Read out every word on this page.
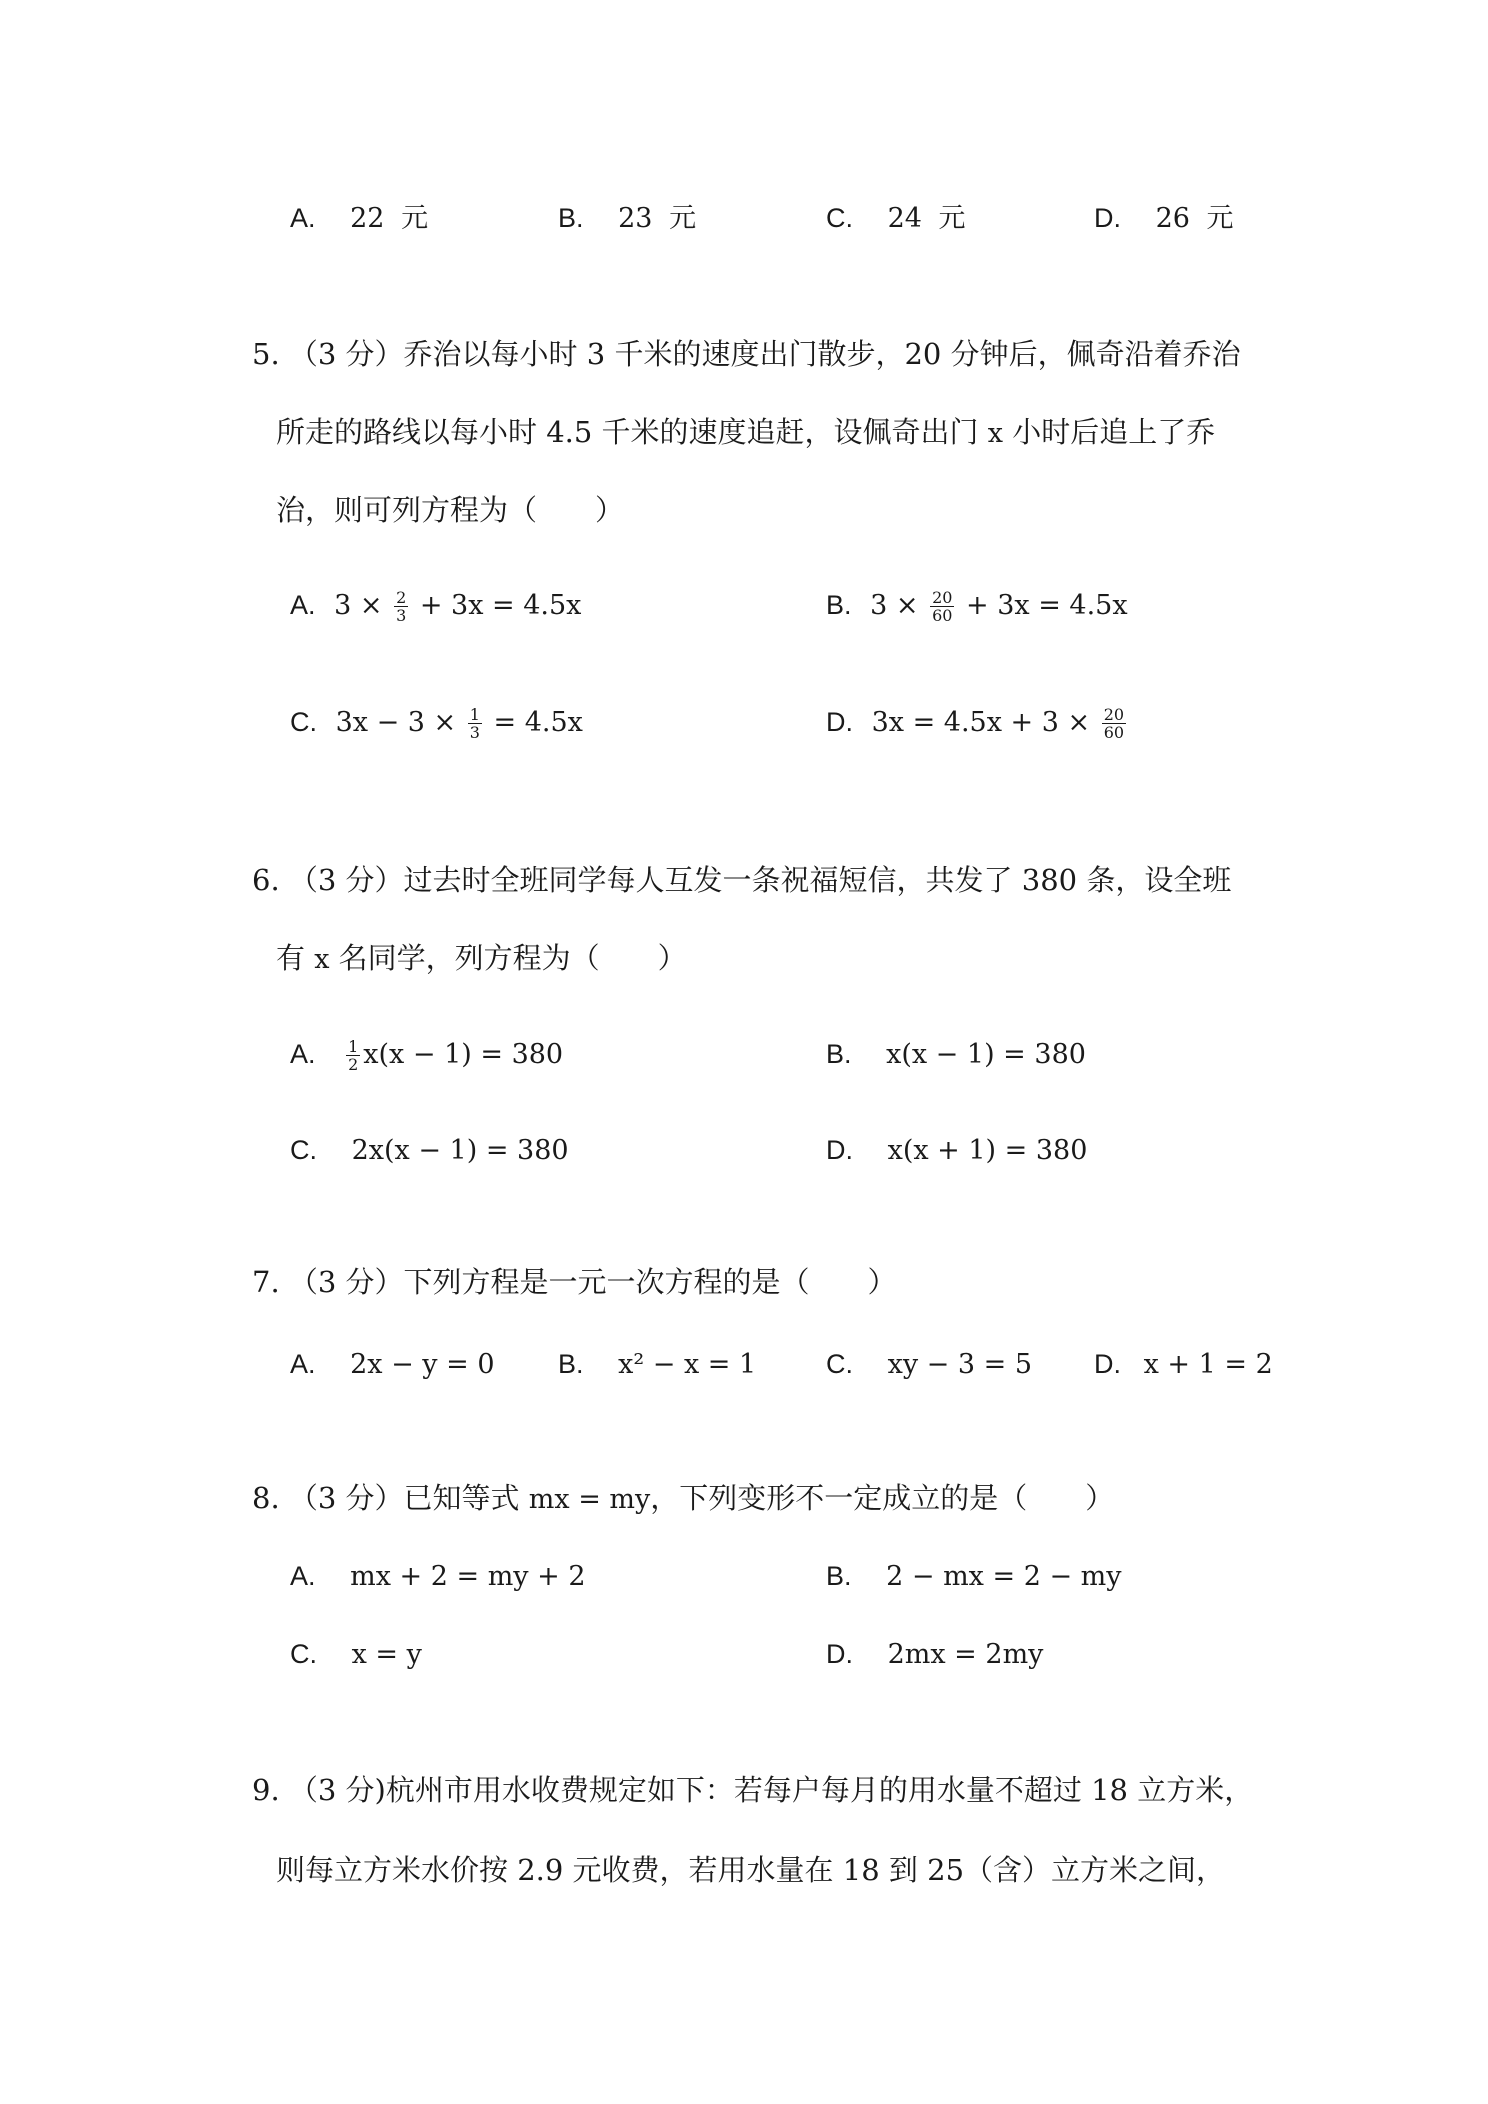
A. 22 元	B. 23 元	C. 24 元	D. 26 元
5. （3 分）乔治以每小时 3 千米的速度出门散步，20 分钟后，佩奇沿着乔治
所走的路线以每小时 4.5 千米的速度追赶，设佩奇出门 x 小时后追上了乔
治，则可列方程为（　　）
A. $3 \times \frac{2}{3} + 3x = 4.5x$	B. $3 \times \frac{20}{60} + 3x = 4.5x$
C. $3x - 3 \times \frac{1}{3} = 4.5x$	D. $3x = 4.5x + 3 \times \frac{20}{60}$
6. （3 分）过去时全班同学每人互发一条祝福短信，共发了 380 条，设全班
有 x 名同学，列方程为（　　）
A. $\frac{1}{2} x(x - 1) = 380$	B. x(x − 1) = 380
C. 2x(x − 1) = 380	D. x(x + 1) = 380
7. （3 分）下列方程是一元一次方程的是（　　）
A. 2x − y = 0 B. x² − x = 1	C. xy − 3 = 5 D. x + 1 = 2
8. （3 分）已知等式 mx = my，下列变形不一定成立的是（　　）
A. mx + 2 = my + 2	B. 2 − mx = 2 − my
C. x = y	D. 2mx = 2my
9. （3 分)杭州市用水收费规定如下：若每户每月的用水量不超过 18 立方米，
则每立方米水价按 2.9 元收费，若用水量在 18 到 25（含）立方米之间，
